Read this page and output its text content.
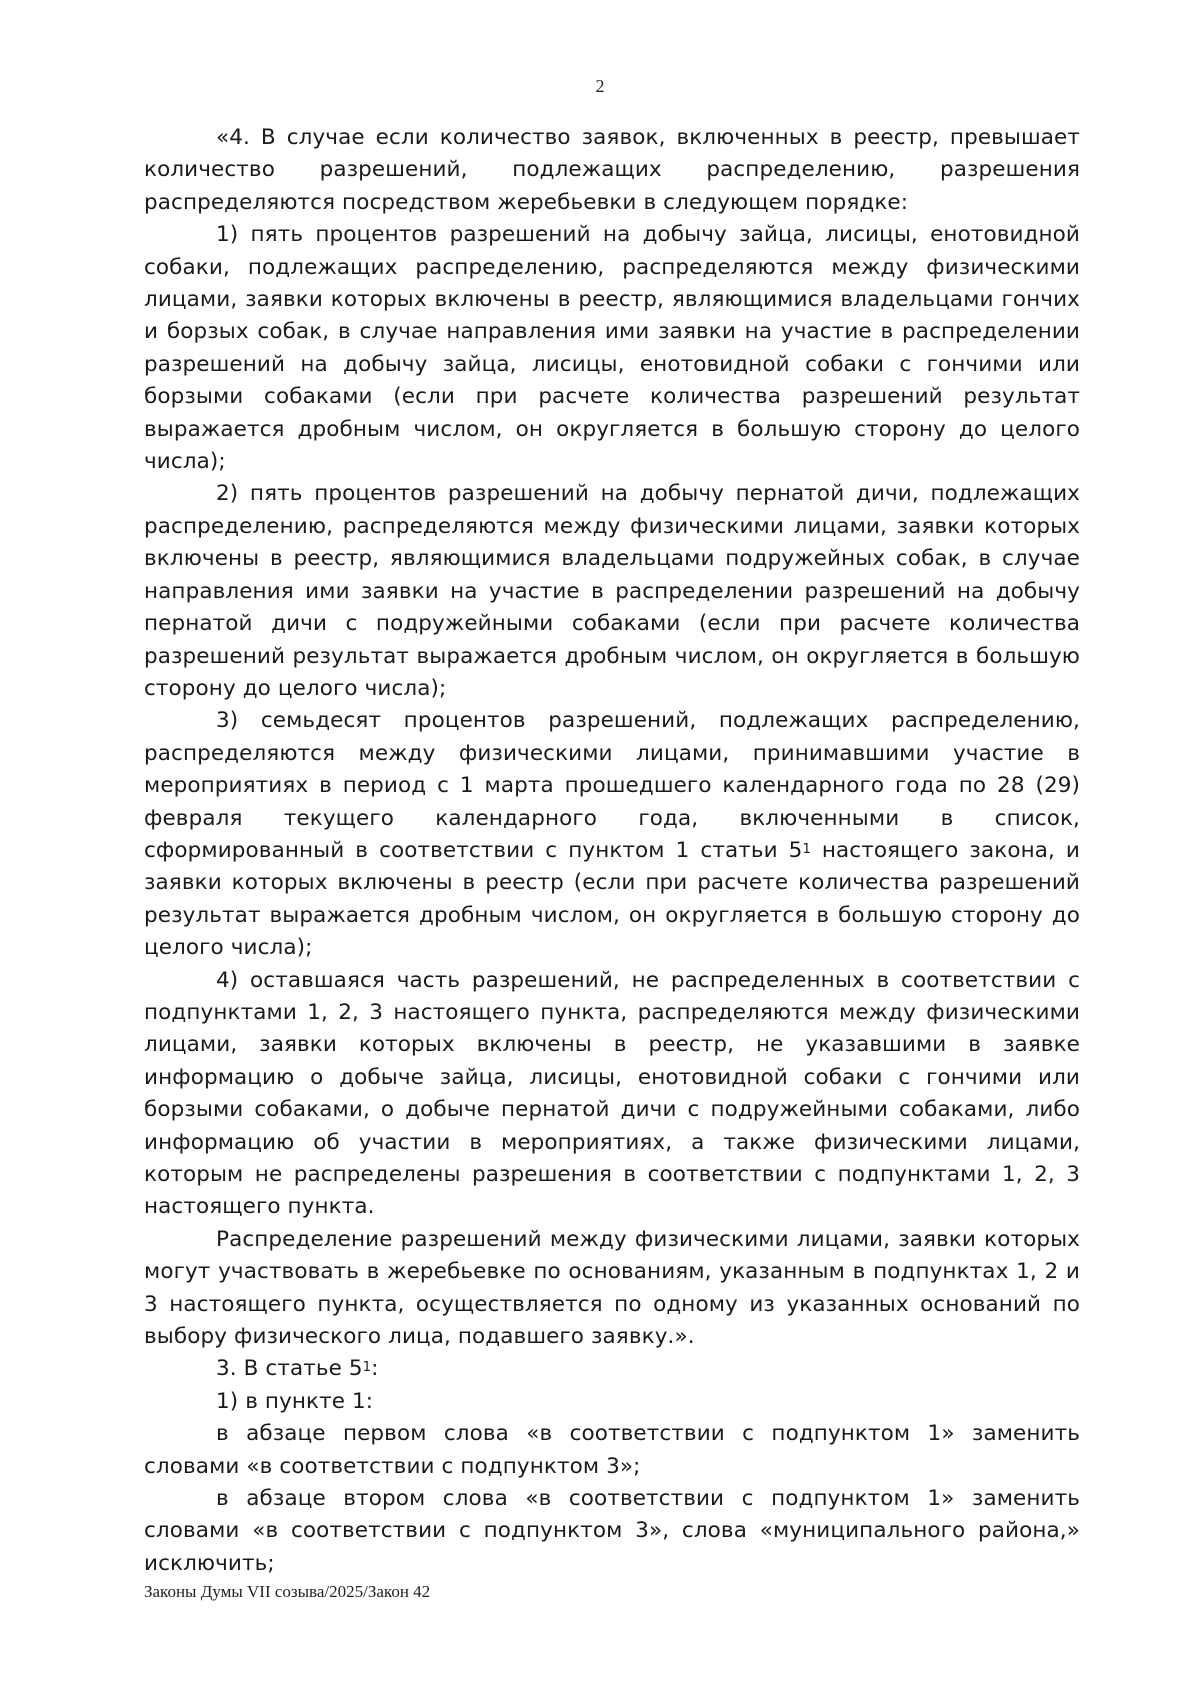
2

«4. В случае если количество заявок, включенных в реестр, превышает количество разрешений, подлежащих распределению, разрешения распределяются посредством жеребьевки в следующем порядке:

1) пять процентов разрешений на добычу зайца, лисицы, енотовидной собаки, подлежащих распределению, распределяются между физическими лицами, заявки которых включены в реестр, являющимися владельцами гончих и борзых собак, в случае направления ими заявки на участие в распределении разрешений на добычу зайца, лисицы, енотовидной собаки с гончими или борзыми собаками (если при расчете количества разрешений результат выражается дробным числом, он округляется в большую сторону до целого числа);

2) пять процентов разрешений на добычу пернатой дичи, подлежащих распределению, распределяются между физическими лицами, заявки которых включены в реестр, являющимися владельцами подружейных собак, в случае направления ими заявки на участие в распределении разрешений на добычу пернатой дичи с подружейными собаками (если при расчете количества разрешений результат выражается дробным числом, он округляется в большую сторону до целого числа);

3) семьдесят процентов разрешений, подлежащих распределению, распределяются между физическими лицами, принимавшими участие в мероприятиях в период с 1 марта прошедшего календарного года по 28 (29) февраля текущего календарного года, включенными в список, сформированный в соответствии с пунктом 1 статьи $5^1$ настоящего закона, и заявки которых включены в реестр (если при расчете количества разрешений результат выражается дробным числом, он округляется в большую сторону до целого числа);

4) оставшаяся часть разрешений, не распределенных в соответствии с подпунктами 1, 2, 3 настоящего пункта, распределяются между физическими лицами, заявки которых включены в реестр, не указавшими в заявке информацию о добыче зайца, лисицы, енотовидной собаки с гончими или борзыми собаками, о добыче пернатой дичи с подружейными собаками, либо информацию об участии в мероприятиях, а также физическими лицами, которым не распределены разрешения в соответствии с подпунктами 1, 2, 3 настоящего пункта.

Распределение разрешений между физическими лицами, заявки которых могут участвовать в жеребьевке по основаниям, указанным в подпунктах 1, 2 и 3 настоящего пункта, осуществляется по одному из указанных оснований по выбору физического лица, подавшего заявку.».

3. В статье $5^1$:

1) в пункте 1:

в абзаце первом слова «в соответствии с подпунктом 1» заменить словами «в соответствии с подпунктом 3»;

в абзаце втором слова «в соответствии с подпунктом 1» заменить словами «в соответствии с подпунктом 3», слова «муниципального района,» исключить;

Законы Думы VII созыва/2025/Закон 42
